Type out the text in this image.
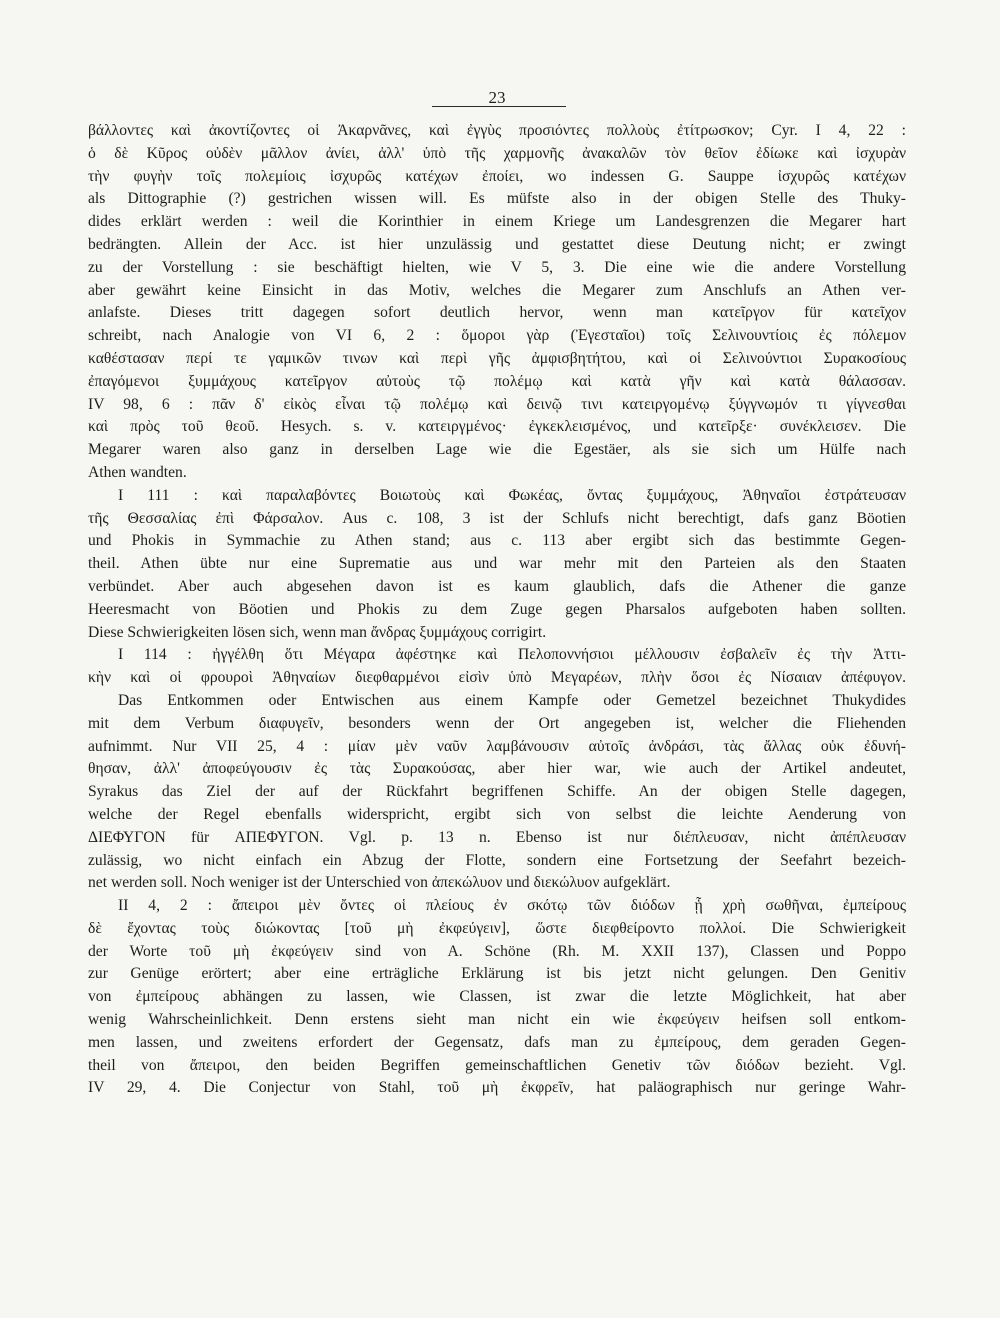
23
βάλλοντες καὶ ἀκοντίζοντες οἱ Ἀκαρνᾶνες, καὶ ἐγγὺς προσιόντες πολλοὺς ἐτίτρωσκον; Cyr. I 4, 22 :
ὁ δὲ Κῦρος οὐδὲν μᾶλλον ἀνίει, ἀλλ' ὑπὸ τῆς χαρμονῆς ἀνακαλῶν τὸν θεῖον ἐδίωκε καὶ ἰσχυρὰν
τὴν φυγὴν τοῖς πολεμίοις ἰσχυρῶς κατέχων ἐποίει, wo indessen G. Sauppe ἰσχυρῶς κατέχων
als Dittographie (?) gestrichen wissen will. Es müfste also in der obigen Stelle des Thuky-
dides erklärt werden : weil die Korinthier in einem Kriege um Landesgrenzen die Megarer hart
bedrängten. Allein der Acc. ist hier unzulässig und gestattet diese Deutung nicht; er zwingt
zu der Vorstellung : sie beschäftigt hielten, wie V 5, 3. Die eine wie die andere Vorstellung
aber gewährt keine Einsicht in das Motiv, welches die Megarer zum Anschlufs an Athen ver-
anlafste. Dieses tritt dagegen sofort deutlich hervor, wenn man κατεῖργον für κατεῖχον
schreibt, nach Analogie von VI 6, 2 : ὅμοροι γὰρ (Ἐγεσταῖοι) τοῖς Σελινουντίοις ἐς πόλεμον
καθέστασαν περί τε γαμικῶν τινων καὶ περὶ γῆς ἀμφισβητήτου, καὶ οἱ Σελινούντιοι Συρακοσίους
ἐπαγόμενοι ξυμμάχους κατεῖργον αὐτοὺς τῷ πολέμῳ καὶ κατὰ γῆν καὶ κατὰ θάλασσαν.
IV 98, 6 : πᾶν δ' εἰκὸς εἶναι τῷ πολέμῳ καὶ δεινῷ τινι κατειργομένῳ ξύγγνωμόν τι γίγνεσθαι
καὶ πρὸς τοῦ θεοῦ. Hesych. s. v. κατειργμένος· ἐγκεκλεισμένος, und κατεῖρξε· συνέκλεισεν. Die
Megarer waren also ganz in derselben Lage wie die Egestäer, als sie sich um Hülfe nach
Athen wandten.
I 111 : καὶ παραλαβόντες Βοιωτοὺς καὶ Φωκέας, ὄντας ξυμμάχους, Ἀθηναῖοι ἐστράτευσαν
τῆς Θεσσαλίας ἐπὶ Φάρσαλον. Aus c. 108, 3 ist der Schlufs nicht berechtigt, dafs ganz Böotien
und Phokis in Symmachie zu Athen stand; aus c. 113 aber ergibt sich das bestimmte Gegen-
theil. Athen übte nur eine Suprematie aus und war mehr mit den Parteien als den Staaten
verbündet. Aber auch abgesehen davon ist es kaum glaublich, dafs die Athener die ganze
Heeresmacht von Böotien und Phokis zu dem Zuge gegen Pharsalos aufgeboten haben sollten.
Diese Schwierigkeiten lösen sich, wenn man ἄνδρας ξυμμάχους corrigirt.
I 114 : ἠγγέλθη ὅτι Μέγαρα ἀφέστηκε καὶ Πελοποννήσιοι μέλλουσιν ἐσβαλεῖν ἐς τὴν Ἀττι-
κὴν καὶ οἱ φρουροὶ Ἀθηναίων διεφθαρμένοι εἰσὶν ὑπὸ Μεγαρέων, πλὴν ὅσοι ἐς Νίσαιαν ἀπέφυγον.
Das Entkommen oder Entwischen aus einem Kampfe oder Gemetzel bezeichnet Thukydides
mit dem Verbum διαφυγεῖν, besonders wenn der Ort angegeben ist, welcher die Fliehenden
aufnimmt. Nur VII 25, 4 : μίαν μὲν ναῦν λαμβάνουσιν αὐτοῖς ἀνδράσι, τὰς ἄλλας οὐκ ἐδυνή-
θησαν, ἀλλ' ἀποφεύγουσιν ἐς τὰς Συρακούσας, aber hier war, wie auch der Artikel andeutet,
Syrakus das Ziel der auf der Rückfahrt begriffenen Schiffe. An der obigen Stelle dagegen,
welche der Regel ebenfalls widerspricht, ergibt sich von selbst die leichte Aenderung von
ΔΙΕΦΥΓΟΝ für ΑΠΕΦΥΓΟΝ. Vgl. p. 13 n. Ebenso ist nur διέπλευσαν, nicht ἀπέπλευσαν
zulässig, wo nicht einfach ein Abzug der Flotte, sondern eine Fortsetzung der Seefahrt bezeich-
net werden soll. Noch weniger ist der Unterschied von ἀπεκώλυον und διεκώλυον aufgeklärt.
II 4, 2 : ἄπειροι μὲν ὄντες οἱ πλείους ἐν σκότῳ τῶν διόδων ᾗ χρὴ σωθῆναι, ἐμπείρους
δὲ ἔχοντας τοὺς διώκοντας [τοῦ μὴ ἐκφεύγειν], ὥστε διεφθείροντο πολλοί. Die Schwierigkeit
der Worte τοῦ μὴ ἐκφεύγειν sind von A. Schöne (Rh. M. XXII 137), Classen und Poppo
zur Genüge erörtert; aber eine erträgliche Erklärung ist bis jetzt nicht gelungen. Den Genitiv
von ἐμπείρους abhängen zu lassen, wie Classen, ist zwar die letzte Möglichkeit, hat aber
wenig Wahrscheinlichkeit. Denn erstens sieht man nicht ein wie ἐκφεύγειν heifsen soll entkom-
men lassen, und zweitens erfordert der Gegensatz, dafs man zu ἐμπείρους, dem geraden Gegen-
theil von ἄπειροι, den beiden Begriffen gemeinschaftlichen Genetiv τῶν διόδων bezieht. Vgl.
IV 29, 4. Die Conjectur von Stahl, τοῦ μὴ ἐκφρεῖν, hat paläographisch nur geringe Wahr-
